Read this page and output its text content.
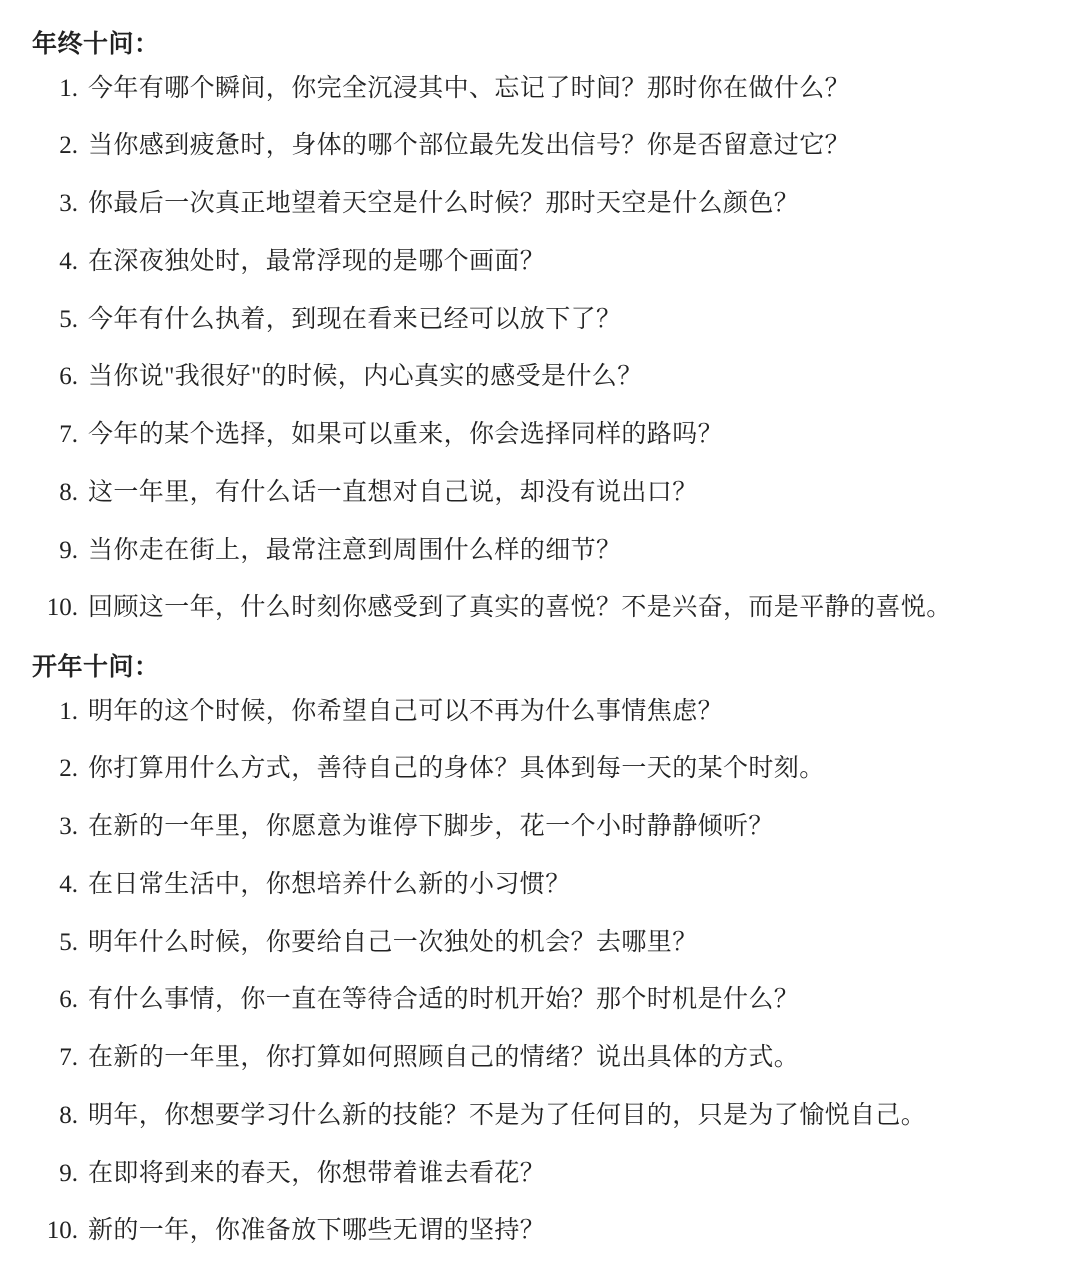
年终十问：
1. 今年有哪个瞬间，你完全沉浸其中、忘记了时间？那时你在做什么？
2. 当你感到疲惫时，身体的哪个部位最先发出信号？你是否留意过它？
3. 你最后一次真正地望着天空是什么时候？那时天空是什么颜色？
4. 在深夜独处时，最常浮现的是哪个画面？
5. 今年有什么执着，到现在看来已经可以放下了？
6. 当你说"我很好"的时候，内心真实的感受是什么？
7. 今年的某个选择，如果可以重来，你会选择同样的路吗？
8. 这一年里，有什么话一直想对自己说，却没有说出口？
9. 当你走在街上，最常注意到周围什么样的细节？
10. 回顾这一年，什么时刻你感受到了真实的喜悦？不是兴奋，而是平静的喜悦。
开年十问：
1. 明年的这个时候，你希望自己可以不再为什么事情焦虑？
2. 你打算用什么方式，善待自己的身体？具体到每一天的某个时刻。
3. 在新的一年里，你愿意为谁停下脚步，花一个小时静静倾听？
4. 在日常生活中，你想培养什么新的小习惯？
5. 明年什么时候，你要给自己一次独处的机会？去哪里？
6. 有什么事情，你一直在等待合适的时机开始？那个时机是什么？
7. 在新的一年里，你打算如何照顾自己的情绪？说出具体的方式。
8. 明年，你想要学习什么新的技能？不是为了任何目的，只是为了愉悦自己。
9. 在即将到来的春天，你想带着谁去看花？
10. 新的一年，你准备放下哪些无谓的坚持？
